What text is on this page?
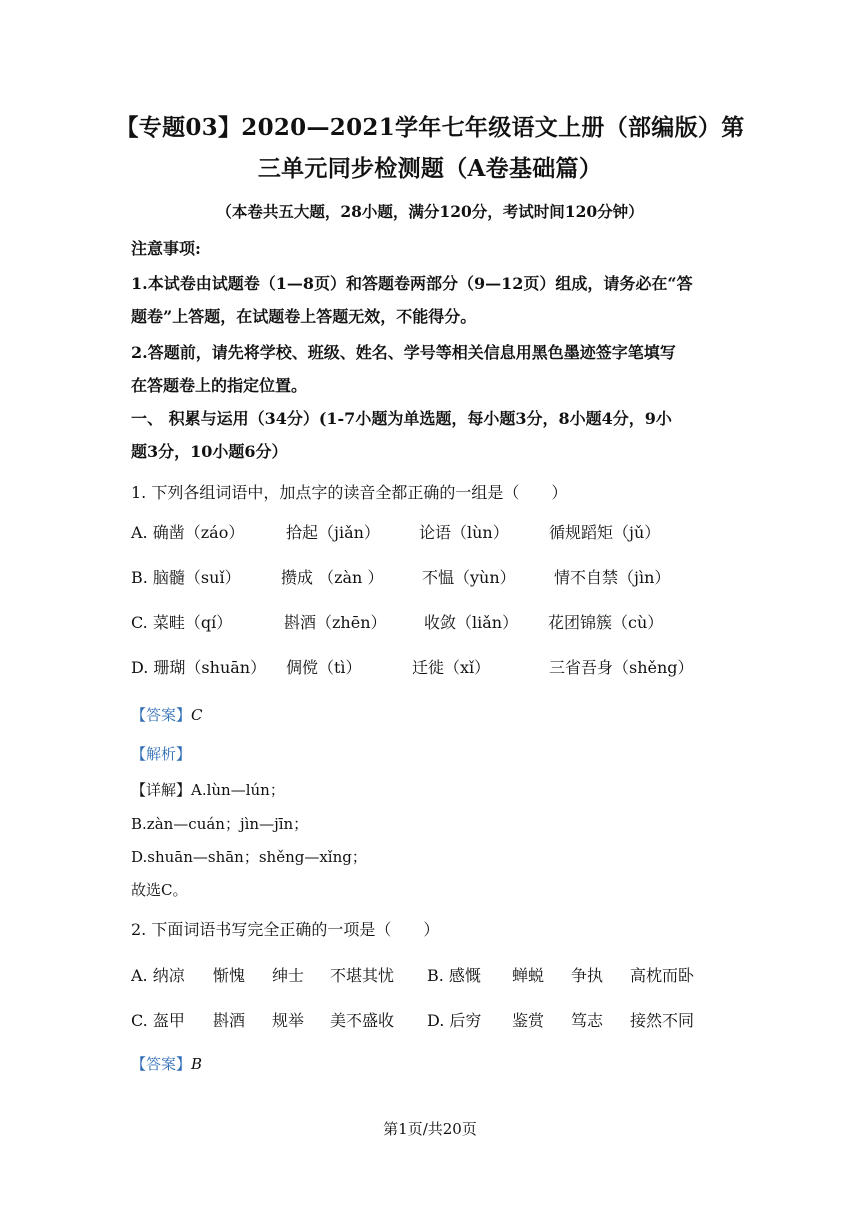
【专题03】2020—2021学年七年级语文上册（部编版）第
三单元同步检测题（A卷基础篇）
（本卷共五大题，28小题，满分120分，考试时间120分钟）
注意事项:
1.本试卷由试题卷（1—8页）和答题卷两部分（9—12页）组成，请务必在“答
题卷”上答题，在试题卷上答题无效，不能得分。
2.答题前，请先将学校、班级、姓名、学号等相关信息用黑色墨迹签字笔填写
在答题卷上的指定位置。
一、 积累与运用（34分）(1-7小题为单选题，每小题3分，8小题4分，9小
题3分，10小题6分）
1. 下列各组词语中，加点字的读音全都正确的一组是（　　）
A. 确凿（záo）	拾起（jiǎn） 论语（lùn）	循规蹈矩（jǔ）
B. 脑髓（suǐ）	攒成 （zàn ） 不愠（yùn） 情不自禁（jìn）
C. 菜畦（qí）	斟酒（zhēn） 收敛（liǎn） 花团锦簇（cù）
D. 珊瑚（shuān） 倜傥（tì）	迁徙（xǐ）	三省吾身（shěng）
【答案】C
【解析】
【详解】A.lùn—lún；
B.zàn—cuán；jìn—jīn；
D.shuān—shān；shěng—xǐng；
故选C。
2. 下面词语书写完全正确的一项是（　　）
A. 纳凉 惭愧 绅士 不堪其忧 B. 感慨 蝉蜕 争执 高枕而卧
C. 盔甲 斟酒 规举 美不盛收 D. 后穷 鉴赏 笃志 接然不同
【答案】B
第1页/共20页
